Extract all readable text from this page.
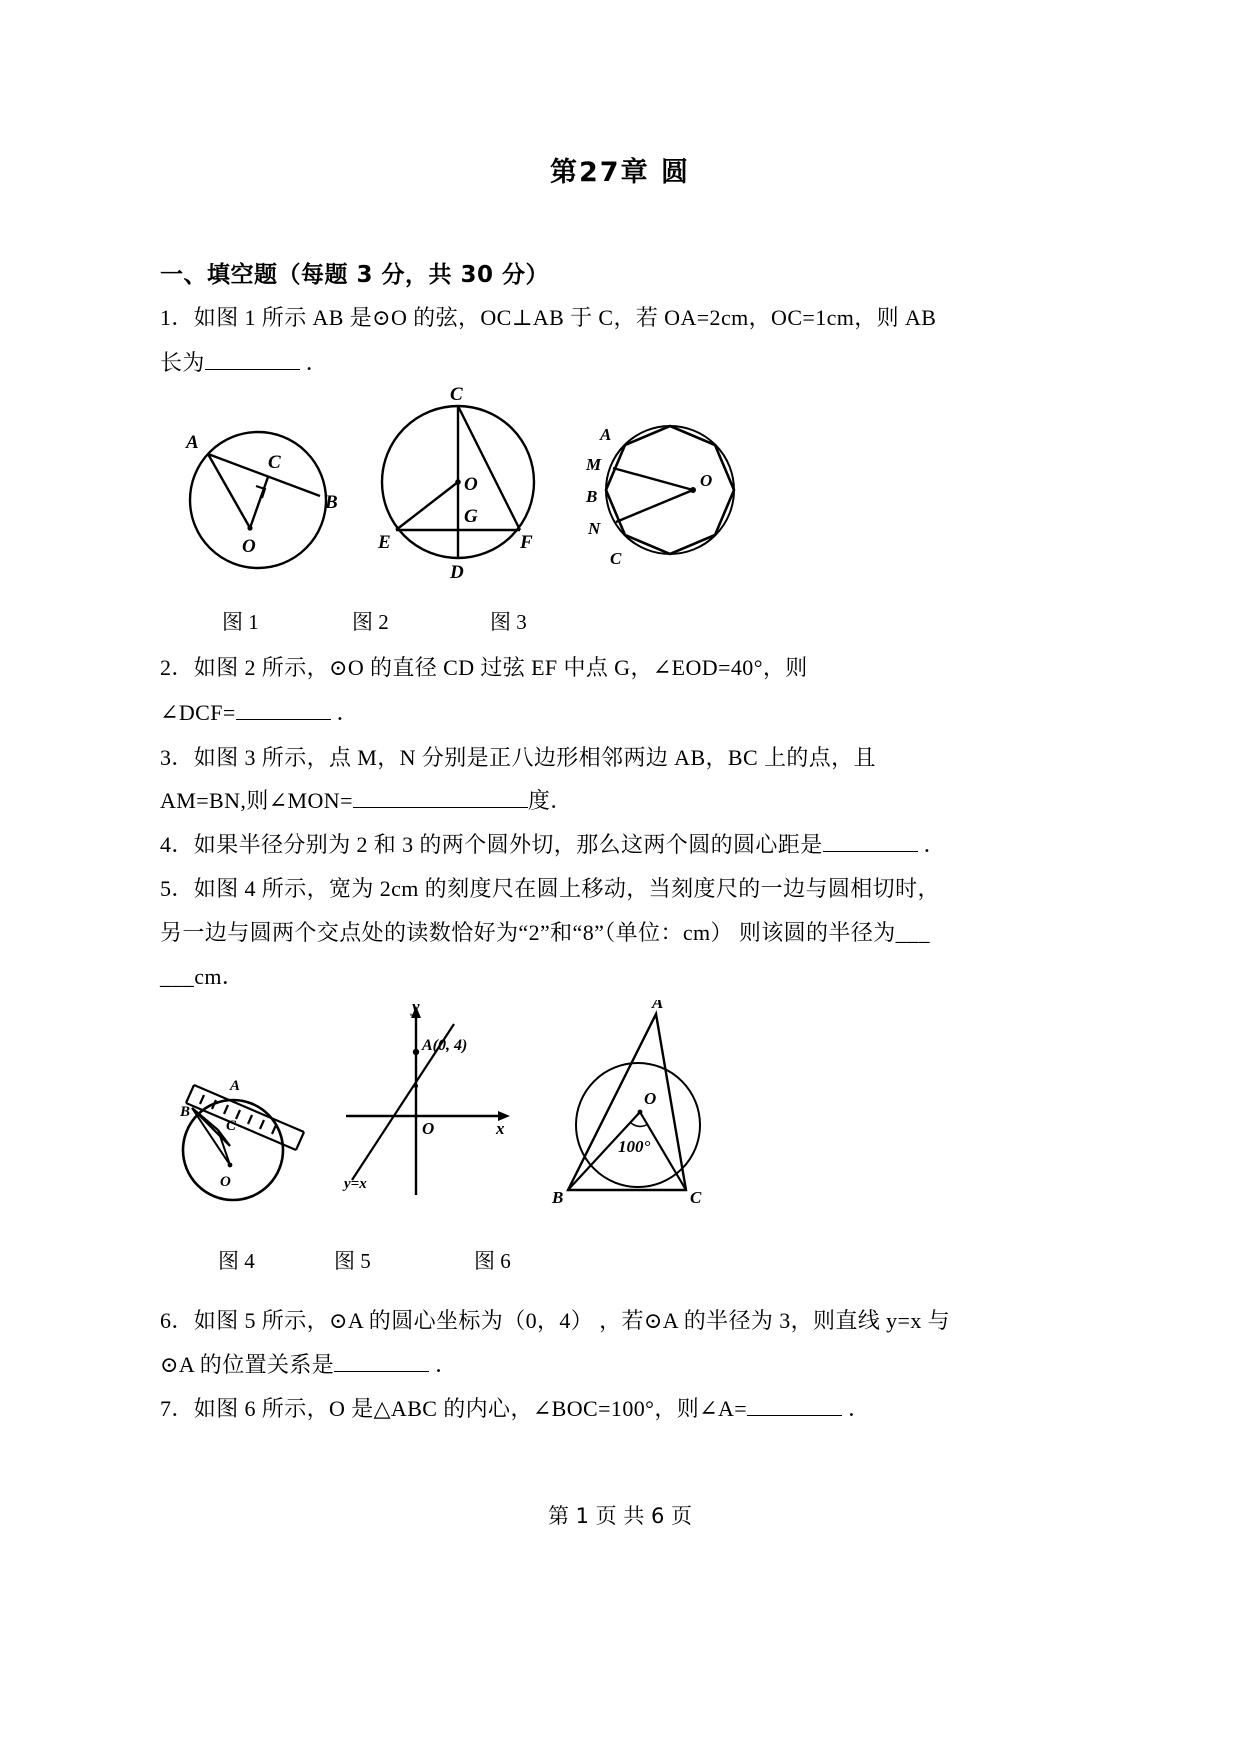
第27章 圆
一、填空题（每题 3 分，共 30 分）
1．如图 1 所示 AB 是⊙O 的弦，OC⊥AB 于 C，若 OA=2cm，OC=1cm，则 AB
长为	．
A
C
B
O
C
O
G
E	F
D
A
M
B
N
C
O
图 1	图 2	图 3
2．如图 2 所示，⊙O 的直径 CD 过弦 EF 中点 G，∠EOD=40°，则
∠DCF=	．
3．如图 3 所示，点 M，N 分别是正八边形相邻两边 AB，BC 上的点，且
AM=BN,则∠MON=	度．
4．如果半径分别为 2 和 3 的两个圆外切，那么这两个圆的圆心距是	．
5．如图 4 所示，宽为 2cm 的刻度尺在圆上移动，当刻度尺的一边与圆相切时，
另一边与圆两个交点处的读数恰好为“2”和“8”（单位：cm） 则该圆的半径为___
___cm．
A
B
C
O
y
x
O
A(0, 4)
y=x
A
B	C
O
100°
图 4	图 5	图 6
6．如图 5 所示，⊙A 的圆心坐标为（0，4） ，若⊙A 的半径为 3，则直线 y=x 与
⊙A 的位置关系是	．
7．如图 6 所示，O 是△ABC 的内心，∠BOC=100°，则∠A=	．
第 1 页 共 6 页
